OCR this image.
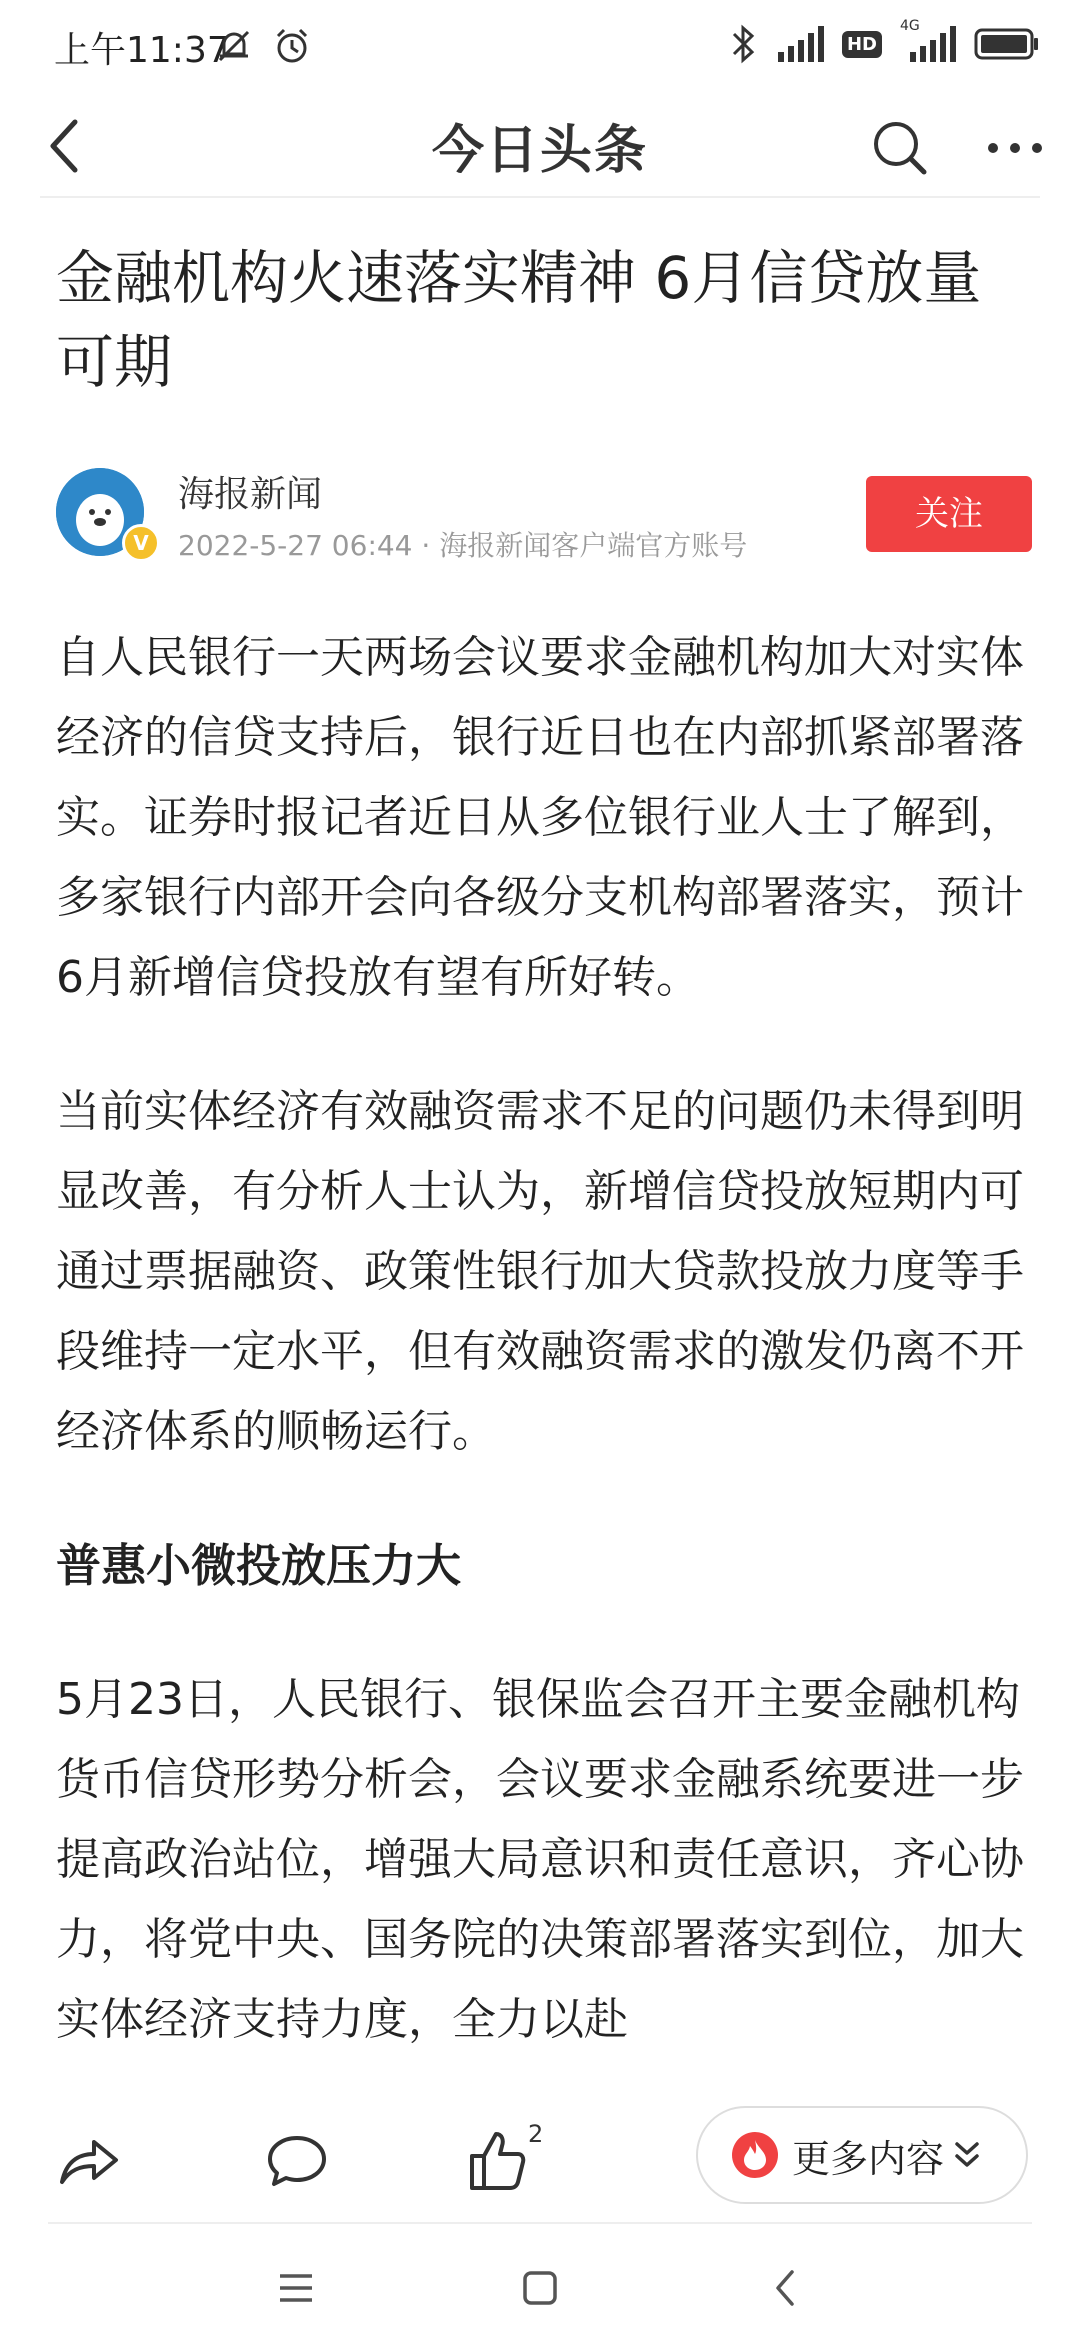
上午11:37	HD
4G
今日头条
金融机构火速落实精神 6月信贷放量可期
V
海报新闻
2022-5-27 06:44 · 海报新闻客户端官方账号
关注

自人民银行一天两场会议要求金融机构加大对实体经济的信贷支持后，银行近日也在内部抓紧部署落实。证券时报记者近日从多位银行业人士了解到，多家银行内部开会向各级分支机构部署落实，预计6月新增信贷投放有望有所好转。

当前实体经济有效融资需求不足的问题仍未得到明显改善，有分析人士认为，新增信贷投放短期内可通过票据融资、政策性银行加大贷款投放力度等手段维持一定水平，但有效融资需求的激发仍离不开经济体系的顺畅运行。

普惠小微投放压力大

5月23日，人民银行、银保监会召开主要金融机构货币信贷形势分析会，会议要求金融系统要进一步提高政治站位，增强大局意识和责任意识，齐心协力，将党中央、国务院的决策部署落实到位，加大实体经济支持力度，全力以赴

2
更多内容
